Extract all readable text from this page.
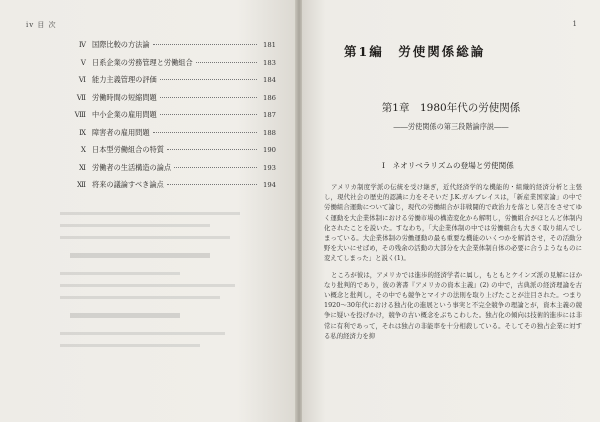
iv 目 次
Ⅳ 国際比較の方法論	181
Ⅴ 日系企業の労務管理と労働組合	183
Ⅵ 能力主義管理の評価	184
Ⅶ 労働時間の短縮問題	186
Ⅷ 中小企業の雇用問題	187
Ⅸ 障害者の雇用問題	188
Ⅹ 日本型労働組合の特質	190
Ⅺ 労働者の生活構造の論点	193
Ⅻ 将来の議論すべき論点	194
1
第1編　労使関係総論
第1章　1980年代の労使関係
――労使関係の第三段階論序説――
Ⅰ　ネオリベラリズムの登場と労使関係

アメリカ制度学派の伝統を受け継ぎ，近代経済学的な機能的・組織的経済分析と主張し，現代社会の歴史的認識に力をそそいだ J.K.ガルブレイスは，「新産業国家論」の中で労働組合運動について論じ，現代の労働組合が非戦闘的で政治力を落とし発言をさせてゆく運動を大企業体制における労働市場の構造変化から解明し，労働組合がほとんど体制内化されたことを説いた。すなわち，「大企業体制の中では労働組合も大きく取り組んでしまっている。大企業体制の労働運動の最も重要な機能のいくつかを解消させ，その活動分野を大いにせばめ，その残余の活動の大部分を大企業体制自体の必要に合うようなものに変えてしまった」と説く(1)。

ところが彼は，アメリカでは進歩的経済学者に属し，もともとケインズ派の見解にほかなり批判的であり，彼の著書『アメリカの資本主義』(2) の中で，古典派の経済理論を古い概念と批判し，その中でも競争とマイナの法則を取り上げたことが注目された。つまり1920〜30年代における独占化の進展という事実と不完全競争の理論とが，資本主義の競争に疑いを投げかけ，競争の古い概念をぶちこわした。独占化の傾向は技術的進歩には非常に有利であって，それは独占の非能率を十分相殺している。そしてその独占企業に対する私的経済力を抑
